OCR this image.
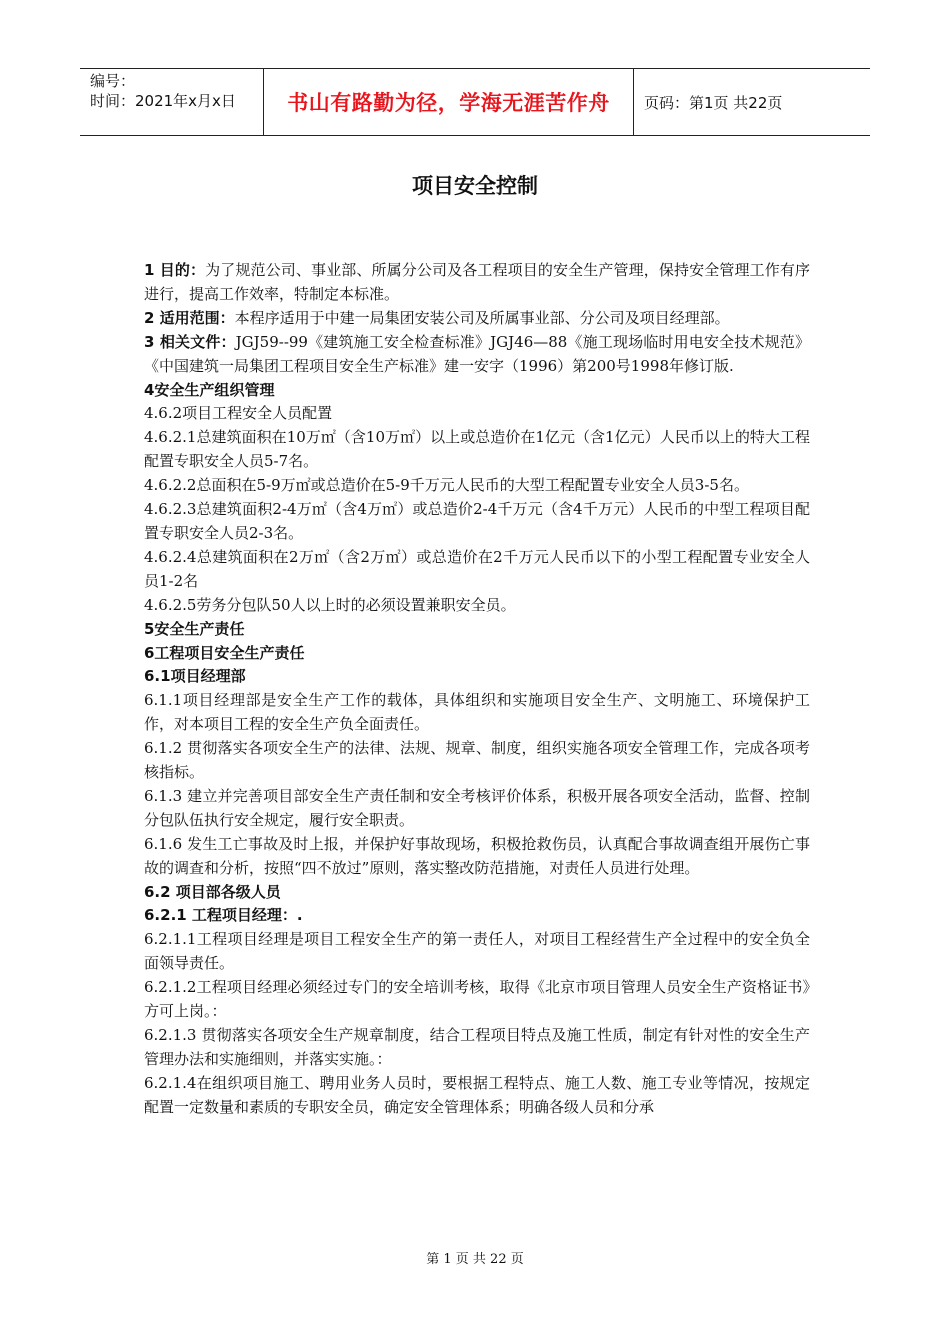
编号：
时间：2021年x月x日	书山有路勤为径，学海无涯苦作舟	页码：第1页 共22页
项目安全控制

1 目的：为了规范公司、事业部、所属分公司及各工程项目的安全生产管理，保持安全管理工作有序进行，提高工作效率，特制定本标准。

2 适用范围：本程序适用于中建一局集团安装公司及所属事业部、分公司及项目经理部。

3 相关文件：JGJ59--99《建筑施工安全检查标准》JGJ46—88《施工现场临时用电安全技术规范》《中国建筑一局集团工程项目安全生产标准》建一安字（1996）第200号1998年修订版.

4安全生产组织管理

4.6.2项目工程安全人员配置

4.6.2.1总建筑面积在10万㎡（含10万㎡）以上或总造价在1亿元（含1亿元）人民币以上的特大工程配置专职安全人员5-7名。

4.6.2.2总面积在5-9万㎡或总造价在5-9千万元人民币的大型工程配置专业安全人员3-5名。

4.6.2.3总建筑面积2-4万㎡（含4万㎡）或总造价2-4千万元（含4千万元）人民币的中型工程项目配置专职安全人员2-3名。

4.6.2.4总建筑面积在2万㎡（含2万㎡）或总造价在2千万元人民币以下的小型工程配置专业安全人员1-2名

4.6.2.5劳务分包队50人以上时的必须设置兼职安全员。

5安全生产责任

6工程项目安全生产责任

6.1项目经理部

6.1.1项目经理部是安全生产工作的载体，具体组织和实施项目安全生产、文明施工、环境保护工作，对本项目工程的安全生产负全面责任。

6.1.2 贯彻落实各项安全生产的法律、法规、规章、制度，组织实施各项安全管理工作，完成各项考核指标。

6.1.3 建立并完善项目部安全生产责任制和安全考核评价体系，积极开展各项安全活动，监督、控制分包队伍执行安全规定，履行安全职责。

6.1.6 发生工亡事故及时上报，并保护好事故现场，积极抢救伤员，认真配合事故调查组开展伤亡事故的调查和分析，按照“四不放过”原则，落实整改防范措施，对责任人员进行处理。

6.2 项目部各级人员

6.2.1 工程项目经理：.

6.2.1.1工程项目经理是项目工程安全生产的第一责任人，对项目工程经营生产全过程中的安全负全面领导责任。

6.2.1.2工程项目经理必须经过专门的安全培训考核，取得《北京市项目管理人员安全生产资格证书》方可上岗。：

6.2.1.3 贯彻落实各项安全生产规章制度，结合工程项目特点及施工性质，制定有针对性的安全生产管理办法和实施细则，并落实实施。：

6.2.1.4在组织项目施工、聘用业务人员时，要根据工程特点、施工人数、施工专业等情况，按规定配置一定数量和素质的专职安全员，确定安全管理体系；明确各级人员和分承

第 1 页 共 22 页
